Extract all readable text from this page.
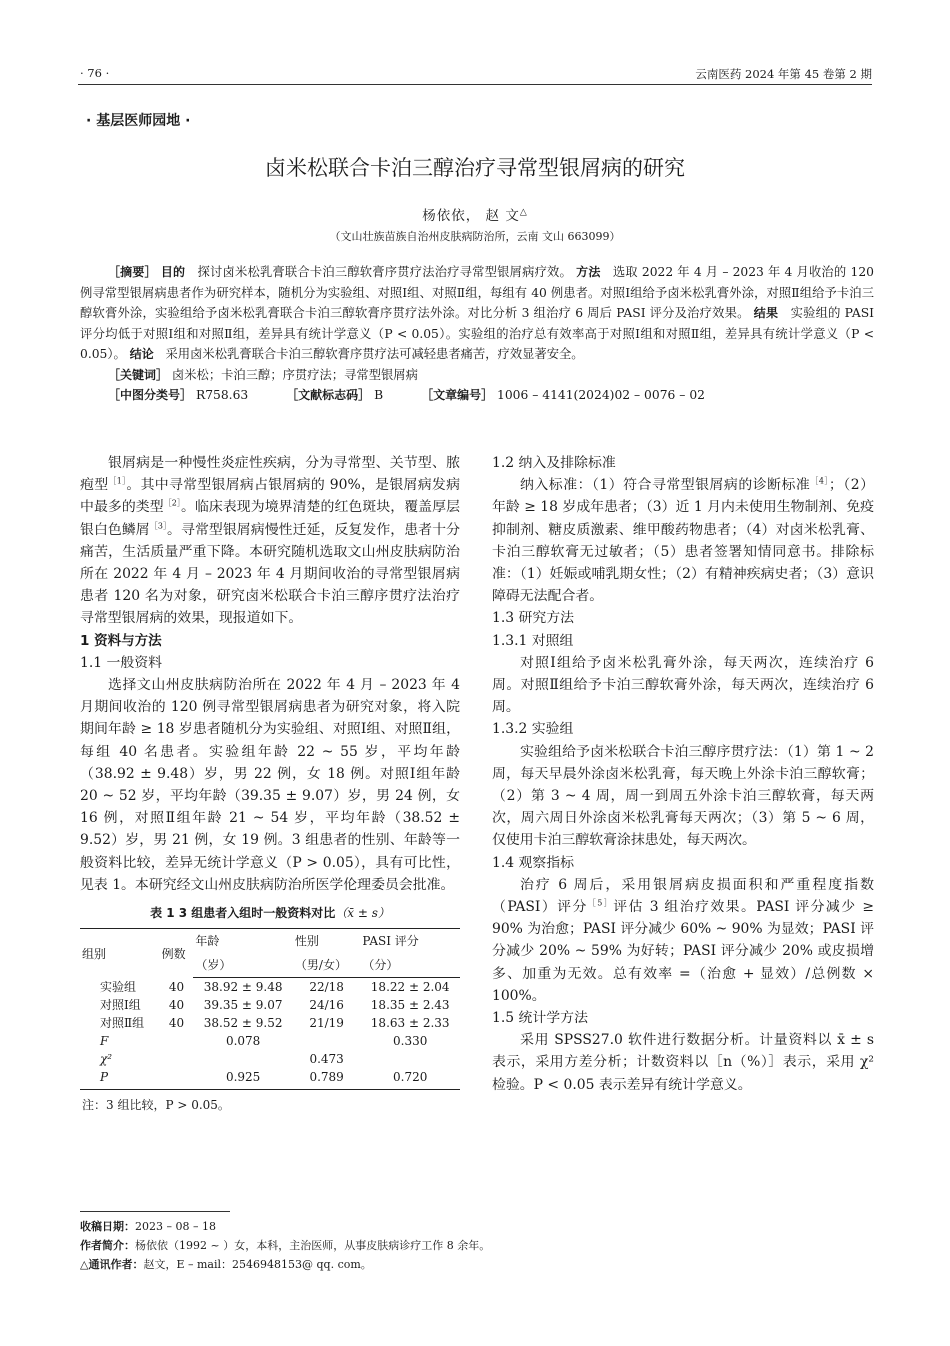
· 76 ·	云南医药 2024 年第 45 卷第 2 期
· 基层医师园地 ·
卤米松联合卡泊三醇治疗寻常型银屑病的研究
杨依依， 赵 文△
（文山壮族苗族自治州皮肤病防治所，云南 文山 663099）

［摘要］ 目的 探讨卤米松乳膏联合卡泊三醇软膏序贯疗法治疗寻常型银屑病疗效。 方法 选取 2022 年 4 月 – 2023 年 4 月收治的 120 例寻常型银屑病患者作为研究样本，随机分为实验组、对照Ⅰ组、对照Ⅱ组，每组有 40 例患者。对照Ⅰ组给予卤米松乳膏外涂，对照Ⅱ组给予卡泊三醇软膏外涂，实验组给予卤米松乳膏联合卡泊三醇软膏序贯疗法外涂。对比分析 3 组治疗 6 周后 PASI 评分及治疗效果。 结果 实验组的 PASI 评分均低于对照Ⅰ组和对照Ⅱ组，差异具有统计学意义（P < 0.05）。实验组的治疗总有效率高于对照Ⅰ组和对照Ⅱ组，差异具有统计学意义（P < 0.05）。 结论 采用卤米松乳膏联合卡泊三醇软膏序贯疗法可减轻患者痛苦，疗效显著安全。

［关键词］ 卤米松；卡泊三醇；序贯疗法；寻常型银屑病

［中图分类号］ R758.63	［文献标志码］ B	［文章编号］ 1006 – 4141(2024)02 – 0076 – 02

银屑病是一种慢性炎症性疾病，分为寻常型、关节型、脓疱型$^{[1]}$。其中寻常型银屑病占银屑病的 90%，是银屑病发病中最多的类型$^{[2]}$。临床表现为境界清楚的红色斑块，覆盖厚层银白色鳞屑$^{[3]}$。寻常型银屑病慢性迁延，反复发作，患者十分痛苦，生活质量严重下降。本研究随机选取文山州皮肤病防治所在 2022 年 4 月 – 2023 年 4 月期间收治的寻常型银屑病患者 120 名为对象，研究卤米松联合卡泊三醇序贯疗法治疗寻常型银屑病的效果，现报道如下。

1 资料与方法

1.1 一般资料

选择文山州皮肤病防治所在 2022 年 4 月 – 2023 年 4 月期间收治的 120 例寻常型银屑病患者为研究对象，将入院期间年龄 ≥ 18 岁患者随机分为实验组、对照Ⅰ组、对照Ⅱ组，每组 40 名患者。实验组年龄 22 ~ 55 岁，平均年龄（38.92 ± 9.48）岁，男 22 例，女 18 例。对照Ⅰ组年龄 20 ~ 52 岁，平均年龄（39.35 ± 9.07）岁，男 24 例，女 16 例，对照Ⅱ组年龄 21 ~ 54 岁，平均年龄（38.52 ± 9.52）岁，男 21 例，女 19 例。3 组患者的性别、年龄等一般资料比较，差异无统计学意义（P > 0.05），具有可比性，见表 1。本研究经文山州皮肤病防治所医学伦理委员会批准。

表 1 3 组患者入组时一般资料对比（x̄ ± s）
组别	例数	年龄	性别	PASI 评分
		（岁）	（男/女）	（分）
实验组	40	38.92 ± 9.48	22/18	18.22 ± 2.04
对照Ⅰ组	40	39.35 ± 9.07	24/16	18.35 ± 2.43
对照Ⅱ组	40	38.52 ± 9.52	21/19	18.63 ± 2.33
F		0.078		0.330
χ²			0.473	
P		0.925	0.789	0.720
注：3 组比较，P > 0.05。

1.2 纳入及排除标准

纳入标准：（1）符合寻常型银屑病的诊断标准$^{[4]}$；（2）年龄 ≥ 18 岁成年患者；（3）近 1 月内未使用生物制剂、免疫抑制剂、糖皮质激素、维甲酸药物患者；（4）对卤米松乳膏、卡泊三醇软膏无过敏者；（5）患者签署知情同意书。排除标准：（1）妊娠或哺乳期女性；（2）有精神疾病史者；（3）意识障碍无法配合者。

1.3 研究方法

1.3.1 对照组

对照Ⅰ组给予卤米松乳膏外涂，每天两次，连续治疗 6 周。对照Ⅱ组给予卡泊三醇软膏外涂，每天两次，连续治疗 6 周。

1.3.2 实验组

实验组给予卤米松联合卡泊三醇序贯疗法：（1）第 1 ~ 2 周，每天早晨外涂卤米松乳膏，每天晚上外涂卡泊三醇软膏；（2）第 3 ~ 4 周，周一到周五外涂卡泊三醇软膏，每天两次，周六周日外涂卤米松乳膏每天两次；（3）第 5 ~ 6 周，仅使用卡泊三醇软膏涂抹患处，每天两次。

1.4 观察指标

治疗 6 周后，采用银屑病皮损面积和严重程度指数（PASI）评分$^{[5]}$评估 3 组治疗效果。PASI 评分减少 ≥ 90% 为治愈；PASI 评分减少 60% ~ 90% 为显效；PASI 评分减少 20% ~ 59% 为好转；PASI 评分减少 20% 或皮损增多、加重为无效。总有效率 =（治愈 + 显效）/总例数 × 100%。

1.5 统计学方法

采用 SPSS27.0 软件进行数据分析。计量资料以 x̄ ± s 表示，采用方差分析；计数资料以［n（%）］表示，采用 χ² 检验。P < 0.05 表示差异有统计学意义。

收稿日期：2023 – 08 – 18
作者简介：杨依依（1992 ~ ）女，本科，主治医师，从事皮肤病诊疗工作 8 余年。
△通讯作者：赵文，E – mail：2546948153@ qq. com。
